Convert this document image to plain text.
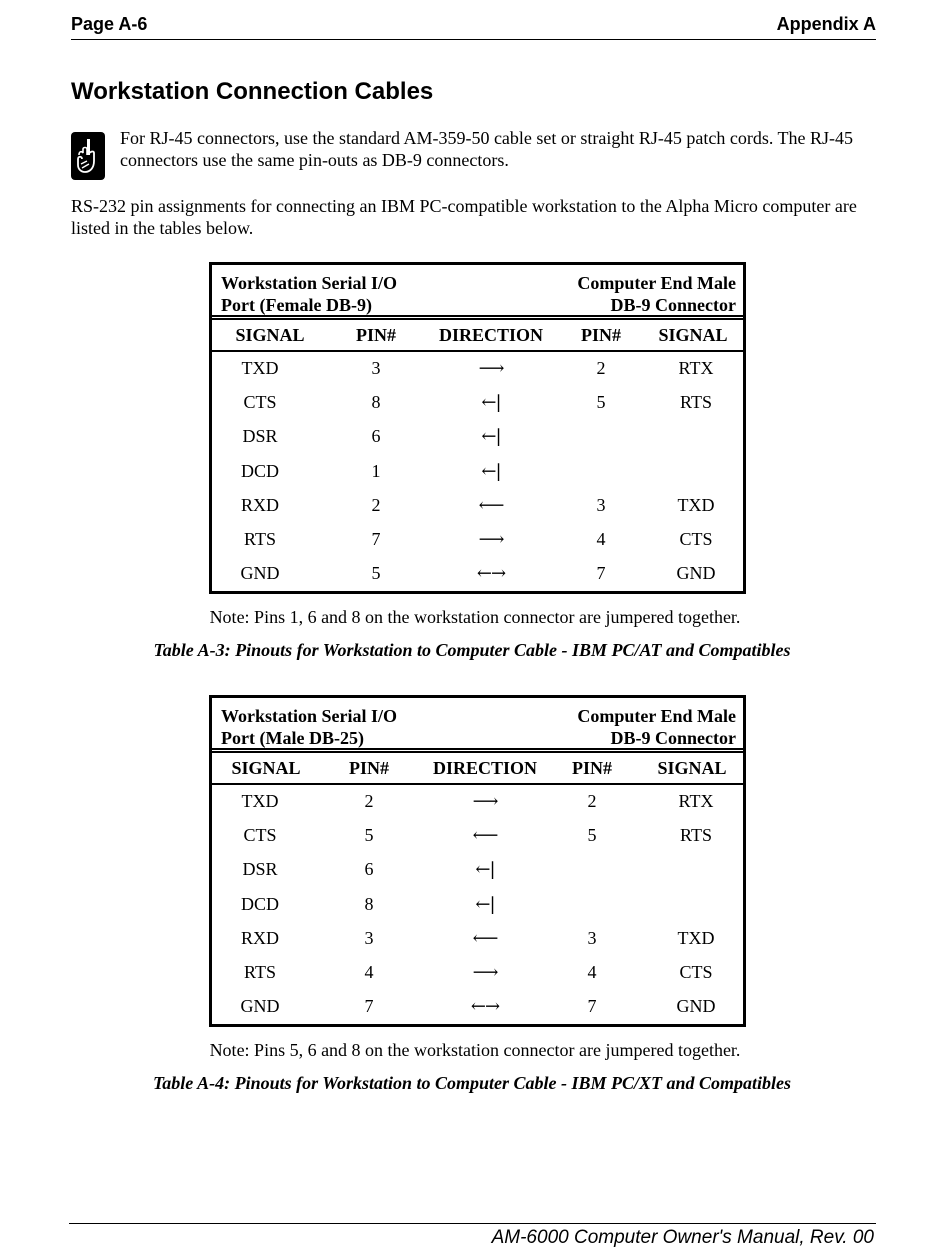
Page A-6	Appendix A
Workstation Connection Cables

For RJ-45 connectors, use the standard AM-359-50 cable set or straight RJ-45 patch cords. The RJ-45 connectors use the same pin-outs as DB-9 connectors.

RS-232 pin assignments for connecting an IBM PC-compatible workstation to the Alpha Micro computer are listed in the tables below.

Workstation Serial I/O
Port (Female DB-9)
Computer End Male
DB-9 Connector
SIGNAL	PIN# DIRECTION PIN# SIGNAL
TXD	3	⟶	2	RTX
CTS	8	←|	5	RTS
DSR	6	←|
DCD	1	←|
RXD	2	⟵	3	TXD
RTS	7	⟶	4	CTS
GND	5	←→	7	GND

Note: Pins 1, 6 and 8 on the workstation connector are jumpered together.

Table A-3: Pinouts for Workstation to Computer Cable - IBM PC/AT and Compatibles

Workstation Serial I/O
Port (Male DB-25)
Computer End Male
DB-9 Connector
SIGNAL	PIN# DIRECTION PIN#	SIGNAL
TXD	2	⟶	2	RTX
CTS	5	⟵	5	RTS
DSR	6	←|
DCD	8	←|
RXD	3	⟵	3	TXD
RTS	4	⟶	4	CTS
GND	7	←→	7	GND

Note: Pins 5, 6 and 8 on the workstation connector are jumpered together.

Table A-4: Pinouts for Workstation to Computer Cable - IBM PC/XT and Compatibles

AM-6000 Computer Owner's Manual, Rev. 00
